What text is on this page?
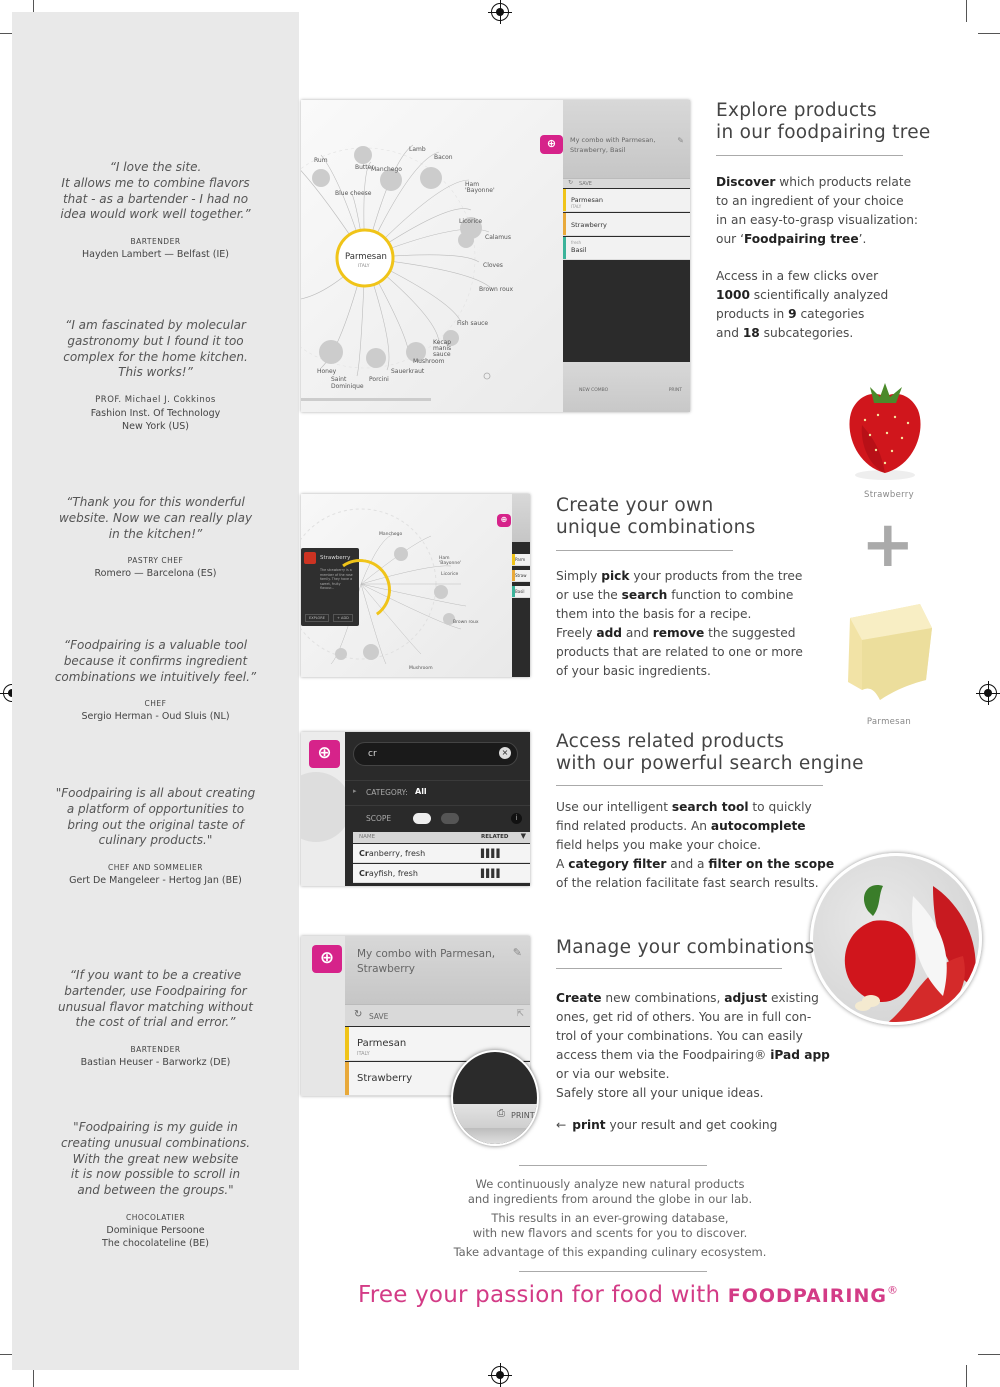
“I love the site.
It allows me to combine flavors
that - as a bartender - I had no
idea would work well together.”
BARTENDER
Hayden Lambert — Belfast (IE)
“I am fascinated by molecular
gastronomy but I found it too
complex for the home kitchen.
This works!”
PROF. Michael J. Cokkinos
Fashion Inst. Of Technology
New York (US)
“Thank you for this wonderful
website. Now we can really play
in the kitchen!”
PASTRY CHEF
Romero — Barcelona (ES)
“Foodpairing is a valuable tool
because it confirms ingredient
combinations we intuitively feel.”
CHEF
Sergio Herman - Oud Sluis (NL)
"Foodpairing is all about creating
a platform of opportunities to
bring out the original taste of
culinary products."
CHEF AND SOMMELIER
Gert De Mangeleer - Hertog Jan (BE)
“If you want to be a creative
bartender, use Foodpairing for
unusual flavor matching without
the cost of trial and error.”
BARTENDER
Bastian Heuser - Barworkz (DE)
"Foodpairing is my guide in
creating unusual combinations.
With the great new website
it is now possible to scroll in
and between the groups."
CHOCOLATIER
Dominique Persoone
The chocolateline (BE)
Parmesan
ITALY
Rum
Butter
Manchego
Lamb
Bacon
Blue cheese
Ham 'Bayonne'
Licorice
Calamus
Cloves
Brown roux
Fish sauce
Kecap manis sauce
Mushroom
Sauerkraut
Honey
Saint Dominique
Porcini
My combo with Parmesan,
Strawberry, Basil
✎
↻ SAVE
Parmesan
ITALY
Strawberry
fresh
Basil
NEW COMBO	PRINT
⊕
Explore products
in our foodpairing tree
Discover which products relate
to an ingredient of your choice
in an easy-to-grasp visualization:
our ‘Foodpairing tree’.
Access in a few clicks over
1000 scientifically analyzed
products in 9 categories
and 18 subcategories.
Strawberry
+
Parmesan
Manchego
Ham 'Bayonne'
Licorice
Brown roux
Mushroom
Strawberry
The strawberry is a member of the rose family. They have a sweet, fruity flavour...
EXPLORE	+ ADD
Parm
Straw
Basil
⊕
Create your own
unique combinations
Simply pick your products from the tree
or use the search function to combine
them into the basis for a recipe.
Freely add and remove the suggested
products that are related to one or more
of your basic ingredients.
⊕	cr	×
▸ CATEGORY: All
SCOPE	i
NAME	RELATED ▼
Cranberry, fresh	▌▌▌▌
Crayfish, fresh	▌▌▌▌
Access related products
with our powerful search engine
Use our intelligent search tool to quickly
find related products. An autocomplete
field helps you make your choice.
A category filter and a filter on the scope
of the relation facilitate fast search results.
⊕	My combo with Parmesan,
Strawberry
✎
↻ SAVE	⇱
Parmesan
ITALY
Strawberry
⎙ PRINT
Manage your combinations
Create new combinations, adjust existing
ones, get rid of others. You are in full con-
trol of your combinations. You can easily
access them via the Foodpairing® iPad app
or via our website.
Safely store all your unique ideas.
← print your result and get cooking
We continuously analyze new natural products
and ingredients from around the globe in our lab.
This results in an ever-growing database,
with new flavors and scents for you to discover.
Take advantage of this expanding culinary ecosystem.
Free your passion for food with FOODPAIRING®
